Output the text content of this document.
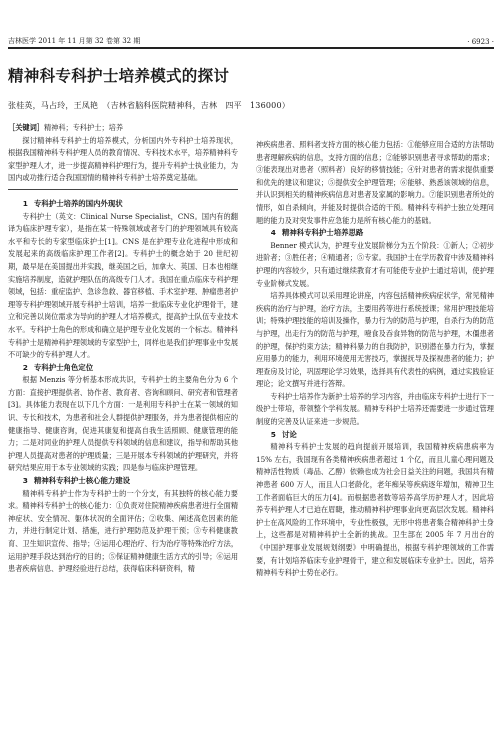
吉林医学 2011 年 11 月第 32 卷第 32 期	· 6923 ·
精神科专科护士培养模式的探讨
张桂英，马占玲，王凤艳　（吉林省脑科医院精神科，吉林　四平　136000）

［关键词］精神科；专科护士；培养

探讨精神科专科护士的培养模式，分析国内外专科护士培养现状，根据我国精神科专科护理人员的教育情况、专科技术水平，培养精神科专家型护理人才，进一步提高精神科护理行为，提升专科护士执业能力，为国内或功推行适合我国国情的精神科专科护士培养奠定基础。

1 专科护士培养的国内外现状

专科护士（英文：Clinical Nurse Specialist，CNS。国内有的翻译为临床护理专家），是指在某一特殊领域或者专门的护理领域具有较高水平和专长的专家型临床护士[1]。CNS 是在护理专业化进程中形成和发展起来的高级临床护理工作者[2]。专科护士的概念始于 20 世纪初期，最早是在美国提出并实践，继美国之后，加拿大、英国、日本也相继实施培养制度，造就护理队伍的高级专门人才。我国在重点临床专科护理领域，包括：重症监护、急诊急救、器官移植、手术室护理、肿瘤患者护理等专科护理领域开展专科护士培训，培养一批临床专业化护理骨干，建立和完善以岗位需求为导向的护理人才培养模式，提高护士队伍专业技术水平。专科护士角色的形成和确立是护理专业化发展的一个标志。精神科专科护士是精神科护理领域的专家型护士，同样也是我们护理事业中发展不可缺少的专科护理人才。

2 专科护士角色定位

根据 Menzis 等分析基本形成共识，专科护士的主要角色分为 6 个方面：直接护理提供者、协作者、教育者、咨询和顾问、研究者和管理者[3]。具体能力表现在以下几个方面：一是利用专科护士在某一领域的知识、专长和技术，为患者和社会人群提供护理服务，并为患者提供相应的健康指导、健康咨询，促进其康复和提高自我生活照顾、健康管理的能力；二是对同业的护理人员提供专科领域的信息和建议，指导和帮助其他护理人员提高对患者的护理质量；三是开展本专科领域的护理研究，并将研究结果应用于本专业领域的实践；四是参与临床护理管理。

3 精神科专科护士核心能力建设

精神科专科护士作为专科护士的一个分支，有其独特的核心能力要求。精神科专科护士的核心能力：①负责对住院精神疾病患者进行全面精神症状、安全情况、躯体状况的全面评估；②收集、阐述高危因素的能力，并进行制定计划、措施，进行护理防范及护理干预；③专科健康教育、卫生知识宣传、指导；④运用心理治疗、行为治疗等特殊治疗方法，运用护理手段达到治疗的目的；⑤保证精神健康生活方式的引导；⑥运用患者疾病信息、护理经验进行总结，获得临床科研资料，精

神疾病患者、照料者支持方面的核心能力包括：①能够应用合适的方法帮助患者理解疾病的信息，支持方面的信息；②能够识别患者寻求帮助的需求；③能表现出对患者（照料者）良好的移情技能；④针对患者的需求提供重要和优先的建议和建议；⑤提供安全护理管理；⑥能够、熟悉该领域的信息，并认识到相关的精神疾病信息对患者及家属的影响力。⑦能识别患者所处的情形，如自杀倾向，并能及时提供合适的干预。精神科专科护士独立处理问题的能力及对突发事件应急能力是所有核心能力的基础。

4 精神科专科护士培养思路

Benner 模式认为，护理专业发展阶梯分为五个阶段：①新人；②初步进阶者；③胜任者；④精通者；⑤专家。我国护士在学历教育中涉及精神科护理的内容较少，只有通过继续教育才有可能使专业护士通过培训，使护理专业阶梯式发展。

培养具体模式可以采用理论讲座，内容包括精神疾病症状学，常见精神疾病的治疗与护理，治疗方法，主要用药等进行系统授课；常用护理技能培训；特殊护理技能的培训及操作，暴力行为的防范与护理，自杀行为的防范与护理，出走行为的防范与护理，噎食及吞食异物的防范与护理，木僵患者的护理，保护约束方法；精神科暴力的自我防护，识别潜在暴力行为，掌握应用暴力的能力，利用环境使用无害技巧，掌握抚导及探视患者的能力；护理查房及讨论，巩固理论学习效果，选择具有代表性的病例，通过实践验证理论；论文撰写并进行答辩。

专科护士培养作为新护士培养的学习内容，并由临床专科护士进行下一级护士带培，带领整个学科发展。精神专科护士培养还需要进一步通过管理制度的完善及认证来进一步规范。

5 讨论

精神科专科护士发展的趋向提前开展培训，我国精神疾病患病率为 15% 左右，我国现有各类精神疾病患者超过 1 个亿，而且儿童心理问题及精神活性物质（毒品、乙醇）依赖也成为社会日益关注的问题，我国共有精神患者 600 万人，而且人口老龄化，老年痴呆等疾病逐年增加，精神卫生工作者面临巨大的压力[4]。而根据患者数等培养高学历护理人才，因此培养专科护理人才已迫在眉睫，推动精神科护理事业向更高层次发展。精神科护士在高风险的工作环境中，专业性极强，无形中将患者集合精神科护士身上，这些都是对精神科护士全新的挑战。卫生部在 2005 年 7 月出台的《中国护理事业发展规划纲要》中明确提出，根据专科护理领域的工作需要，有计划培养临床专业护理骨干，建立和发展临床专业护士。因此，培养精神科专科护士势在必行。
